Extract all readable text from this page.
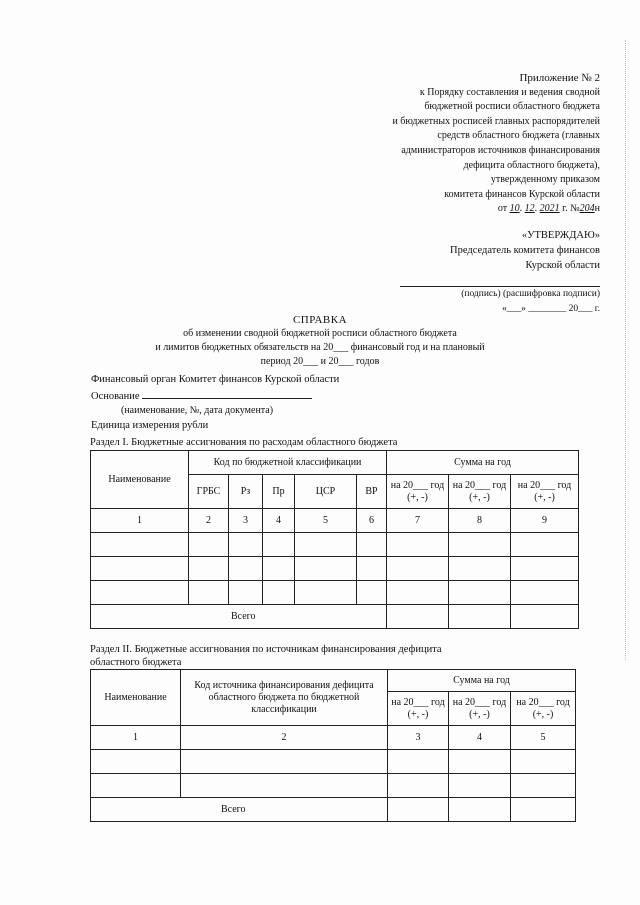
Приложение № 2
к Порядку составления и ведения сводной
бюджетной росписи областного бюджета
и бюджетных росписей главных распорядителей
средств областного бюджета (главных
администраторов источников финансирования
дефицита областного бюджета),
утвержденному приказом
комитета финансов Курской области
от 10. 12. 2021 г. №204н
«УТВЕРЖДАЮ»
Председатель комитета финансов
Курской области
(подпись) (расшифровка подписи)
«___» ________ 20___ г.
СПРАВКА
об изменении сводной бюджетной росписи областного бюджета
и лимитов бюджетных обязательств на 20___ финансовый год и на плановый
период 20___ и 20___ годов
Финансовый орган Комитет финансов Курской области
Основание
(наименование, №, дата документа)
Единица измерения рубли
Раздел I. Бюджетные ассигнования по расходам областного бюджета
Наименование	Код по бюджетной классификации					Сумма на год		
	ГРБС	Рз	Пр	ЦСР	ВР	на 20___ год (+, -)	на 20___ год (+, -)	на 20___ год (+, -)
1	2	3	4	5	6	7	8	9

Всего								
Раздел II. Бюджетные ассигнования по источникам финансирования дефицита
областного бюджета
Наименование	Код источника финансирования дефицита областного бюджета по бюджетной классификации	Сумма на год		
		на 20___ год (+, -)	на 20___ год (+, -)	на 20___ год (+, -)
1	2	3	4	5

Всего				
